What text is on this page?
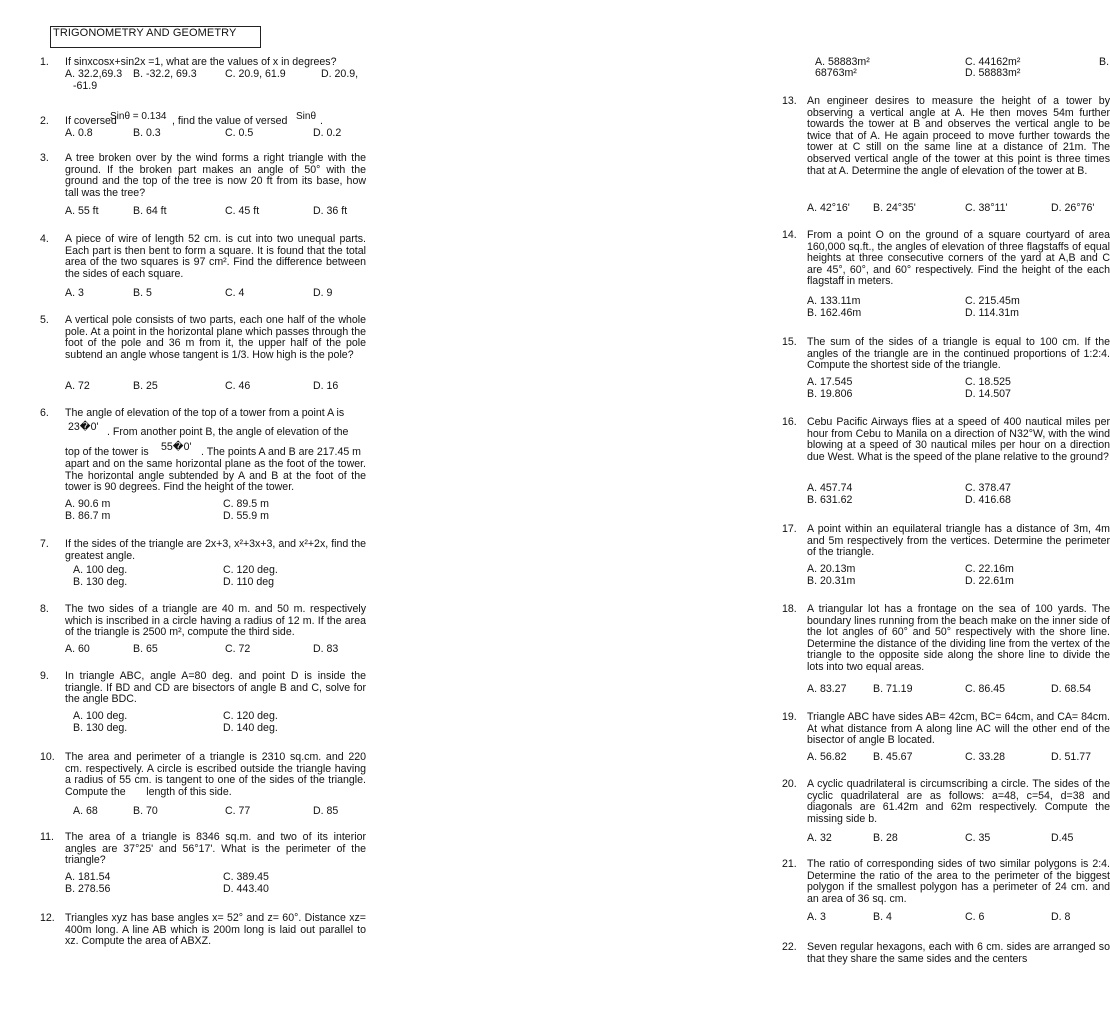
TRIGONOMETRY AND GEOMETRY
1. If sinxcosx+sin2x =1, what are the values of x in degrees?
A. 32.2,69.3 B. -32.2, 69.3	C. 20.9, 61.9	D. 20.9,
-61.9
2. If coversed
Sinθ = 0.134 , find the value of versed Sinθ .
A. 0.8	B. 0.3	C. 0.5	D. 0.2
3. A tree broken over by the wind forms a right triangle with the ground. If the broken part makes an angle of 50° with the ground and the top of the tree is now 20 ft from its base, how tall was the tree?
A. 55 ft	B. 64 ft	C. 45 ft	D. 36 ft
4. A piece of wire of length 52 cm. is cut into two unequal parts. Each part is then bent to form a square. It is found that the total area of the two squares is 97 cm². Find the difference between the sides of each square.
A. 3	B. 5	C. 4	D. 9
5. A vertical pole consists of two parts, each one half of the whole pole. At a point in the horizontal plane which passes through the foot of the pole and 36 m from it, the upper half of the pole subtend an angle whose tangent is 1/3. How high is the pole?
A. 72	B. 25	C. 46	D. 16
6. The angle of elevation of the top of a tower from a point A is
23�0' . From another point B, the angle of elevation of the
top of the tower is 55�0' . The points A and B are 217.45 m
apart and on the same horizontal plane as the foot of the tower. The horizontal angle subtended by A and B at the foot of the tower is 90 degrees. Find the height of the tower.
A. 90.6 m	C. 89.5 m
B. 86.7 m	D. 55.9 m
7. If the sides of the triangle are 2x+3, x²+3x+3, and x²+2x, find the greatest angle.
A. 100 deg.	C. 120 deg.
B. 130 deg.	D. 110 deg
8. The two sides of a triangle are 40 m. and 50 m. respectively which is inscribed in a circle having a radius of 12 m. If the area of the triangle is 2500 m², compute the third side.
A. 60	B. 65	C. 72	D. 83
9. In triangle ABC, angle A=80 deg. and point D is inside the triangle. If BD and CD are bisectors of angle B and C, solve for the angle BDC.
A. 100 deg.	C. 120 deg.
B. 130 deg.	D. 140 deg.
10. The area and perimeter of a triangle is 2310 sq.cm. and 220 cm. respectively. A circle is escribed outside the triangle having a radius of 55 cm. is tangent to one of the sides of the triangle. Compute the       length of this side.
A. 68	B. 70	C. 77	D. 85
11. The area of a triangle is 8346 sq.m. and two of its interior angles are 37°25' and 56°17'. What is the perimeter of the triangle?
A. 181.54	C. 389.45
B. 278.56	D. 443.40
12. Triangles xyz has base angles x= 52° and z= 60°. Distance xz= 400m long. A line AB which is 200m long is laid out parallel to xz. Compute the area of ABXZ.
A. 58883m²	C. 44162m²	B.
68763m²	D. 58883m²
13. An engineer desires to measure the height of a tower by observing a vertical angle at A. He then moves 54m further towards the tower at B and observes the vertical angle to be twice that of A. He again proceed to move further towards the tower at C still on the same line at a distance of 21m. The observed vertical angle of the tower at this point is three times that at A. Determine the angle of elevation of the tower at B.
A. 42°16' B. 24°35'	C. 38°11'	D. 26°76'
14. From a point O on the ground of a square courtyard of area 160,000 sq.ft., the angles of elevation of three flagstaffs of equal heights at three consecutive corners of the yard at A,B and C are 45°, 60°, and 60° respectively. Find the height of the each flagstaff in meters.
A. 133.11m	C. 215.45m
B. 162.46m	D. 114.31m
15. The sum of the sides of a triangle is equal to 100 cm. If the angles of the triangle are in the continued proportions of 1:2:4. Compute the shortest side of the triangle.
A. 17.545	C. 18.525
B. 19.806	D. 14.507
16. Cebu Pacific Airways flies at a speed of 400 nautical miles per hour from Cebu to Manila on a direction of N32°W, with the wind blowing at a speed of 30 nautical miles per hour on a direction due West. What is the speed of the plane relative to the ground?
A. 457.74	C. 378.47
B. 631.62	D. 416.68
17. A point within an equilateral triangle has a distance of 3m, 4m and 5m respectively from the vertices. Determine the perimeter of the triangle.
A. 20.13m	C. 22.16m
B. 20.31m	D. 22.61m
18. A triangular lot has a frontage on the sea of 100 yards. The boundary lines running from the beach make on the inner side of the lot angles of 60° and 50° respectively with the shore line. Determine the distance of the dividing line from the vertex of the triangle to the opposite side along the shore line to divide the lots into two equal areas.
A. 83.27	B. 71.19	C. 86.45	D. 68.54
19. Triangle ABC have sides AB= 42cm, BC= 64cm, and CA= 84cm. At what distance from A along line AC will the other end of the bisector of angle B located.
A. 56.82	B. 45.67	C. 33.28	D. 51.77
20. A cyclic quadrilateral is circumscribing a circle. The sides of the cyclic quadrilateral are as follows: a=48, c=54, d=38 and diagonals are 61.42m and 62m respectively. Compute the missing side b.
A. 32	B. 28	C. 35	D.45
21. The ratio of corresponding sides of two similar polygons is 2:4. Determine the ratio of the area to the perimeter of the biggest polygon if the smallest polygon has a perimeter of 24 cm. and an area of 36 sq. cm.
A. 3	B. 4	C. 6	D. 8
22. Seven regular hexagons, each with 6 cm. sides are arranged so that they share the same sides and the centers
